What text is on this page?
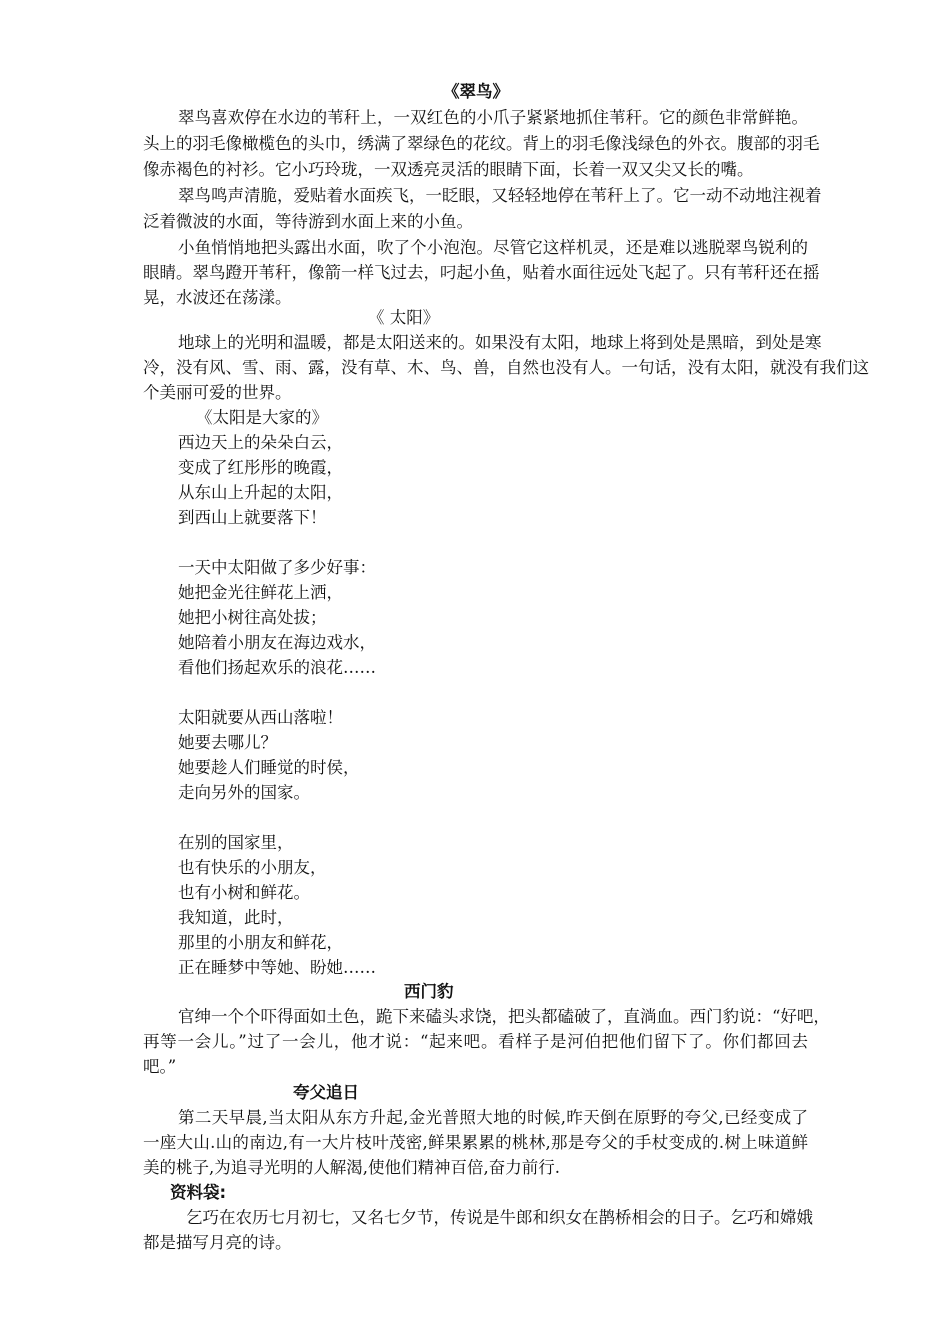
《翠鸟》
翠鸟喜欢停在水边的苇秆上，一双红色的小爪子紧紧地抓住苇秆。它的颜色非常鲜艳。
头上的羽毛像橄榄色的头巾，绣满了翠绿色的花纹。背上的羽毛像浅绿色的外衣。腹部的羽毛
像赤褐色的衬衫。它小巧玲珑，一双透亮灵活的眼睛下面，长着一双又尖又长的嘴。
翠鸟鸣声清脆，爱贴着水面疾飞，一眨眼，又轻轻地停在苇秆上了。它一动不动地注视着
泛着微波的水面，等待游到水面上来的小鱼。
小鱼悄悄地把头露出水面，吹了个小泡泡。尽管它这样机灵，还是难以逃脱翠鸟锐利的
眼睛。翠鸟蹬开苇秆，像箭一样飞过去，叼起小鱼，贴着水面往远处飞起了。只有苇秆还在摇
晃，水波还在荡漾。
《 太阳》
地球上的光明和温暖，都是太阳送来的。如果没有太阳，地球上将到处是黑暗，到处是寒
冷，没有风、雪、雨、露，没有草、木、鸟、兽，自然也没有人。一句话，没有太阳，就没有我们这
个美丽可爱的世界。
《太阳是大家的》
西边天上的朵朵白云，
变成了红彤彤的晚霞，
从东山上升起的太阳，
到西山上就要落下！
一天中太阳做了多少好事：
她把金光往鲜花上洒，
她把小树往高处拔；
她陪着小朋友在海边戏水，
看他们扬起欢乐的浪花……
太阳就要从西山落啦！
她要去哪儿？
她要趁人们睡觉的时侯，
走向另外的国家。
在别的国家里，
也有快乐的小朋友，
也有小树和鲜花。
我知道，此时，
那里的小朋友和鲜花，
正在睡梦中等她、盼她……
西门豹
官绅一个个吓得面如土色，跪下来磕头求饶，把头都磕破了，直淌血。西门豹说：“好吧，
再等一会儿。”过了一会儿，他才说：“起来吧。看样子是河伯把他们留下了。你们都回去
吧。”
夸父追日
第二天早晨,当太阳从东方升起,金光普照大地的时候,昨天倒在原野的夸父,已经变成了
一座大山.山的南边,有一大片枝叶茂密,鲜果累累的桃林,那是夸父的手杖变成的.树上味道鲜
美的桃子,为追寻光明的人解渴,使他们精神百倍,奋力前行.
资料袋:
乞巧在农历七月初七，又名七夕节，传说是牛郎和织女在鹊桥相会的日子。乞巧和嫦娥
都是描写月亮的诗。
